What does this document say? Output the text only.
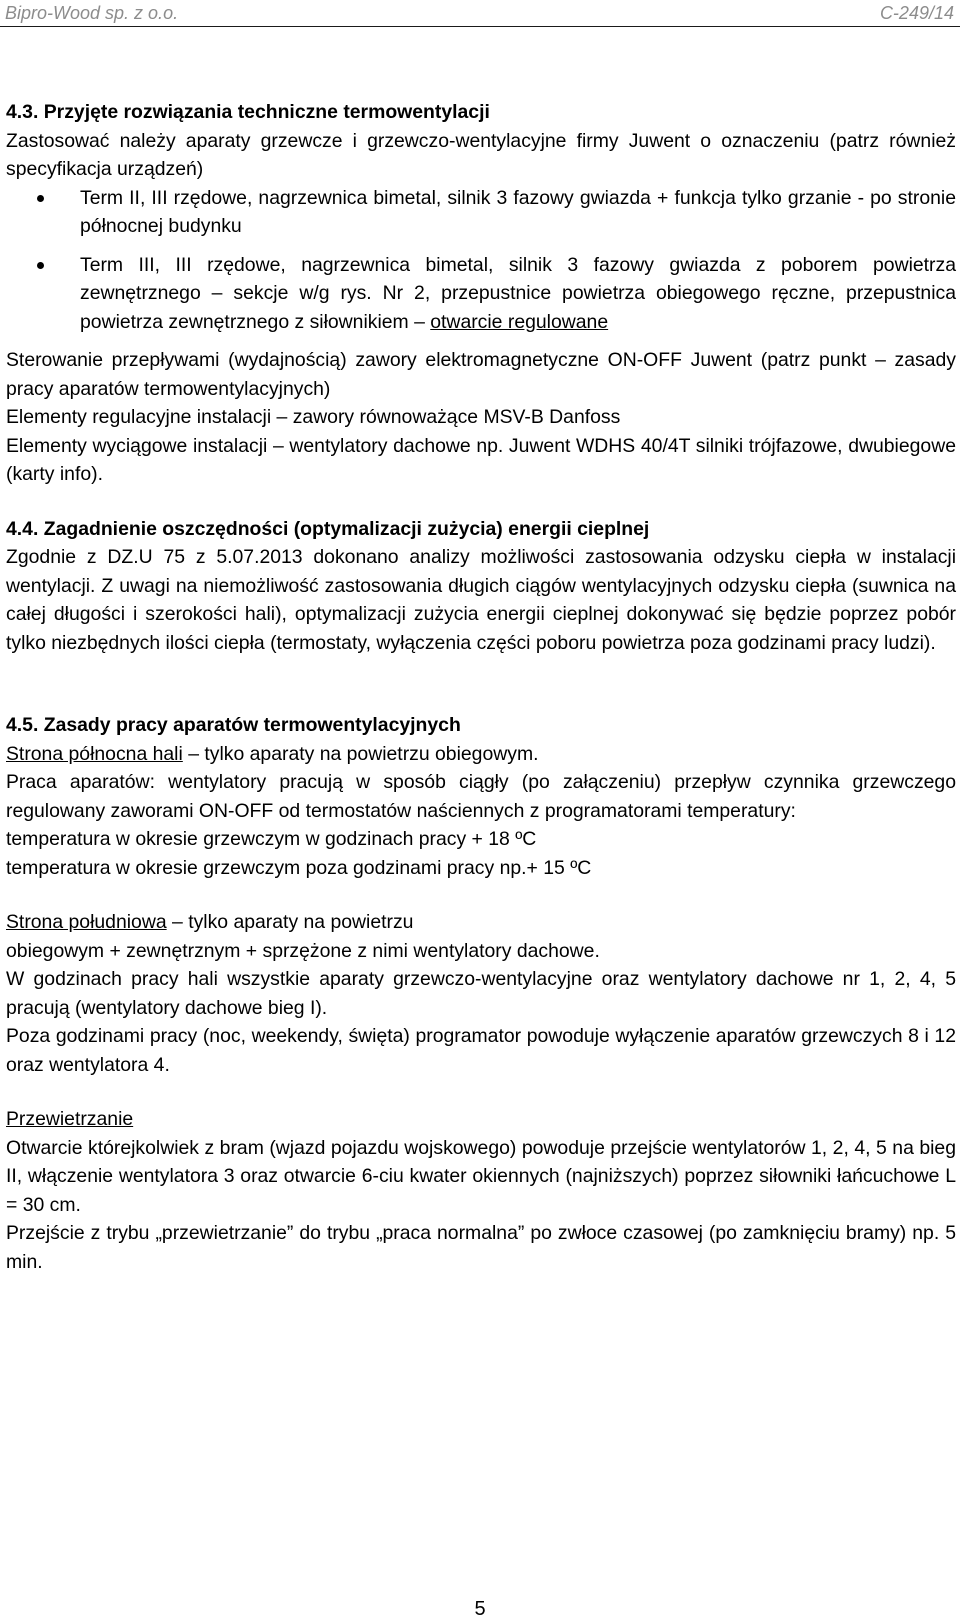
Bipro-Wood sp. z o.o.	C-249/14

4.3. Przyjęte rozwiązania techniczne termowentylacji

Zastosować należy aparaty grzewcze i grzewczo-wentylacyjne firmy Juwent o oznaczeniu (patrz również specyfikacja urządzeń)

Term II, III rzędowe, nagrzewnica bimetal, silnik 3 fazowy gwiazda + funkcja tylko grzanie - po stronie północnej budynku
Term III, III rzędowe, nagrzewnica bimetal, silnik 3 fazowy gwiazda z poborem powietrza zewnętrznego – sekcje w/g rys. Nr 2, przepustnice powietrza obiegowego ręczne, przepustnica powietrza zewnętrznego z siłownikiem – otwarcie regulowane

Sterowanie przepływami (wydajnością) zawory elektromagnetyczne ON-OFF Juwent (patrz punkt – zasady pracy aparatów termowentylacyjnych)

Elementy regulacyjne instalacji – zawory równoważące MSV-B Danfoss

Elementy wyciągowe instalacji – wentylatory dachowe np. Juwent WDHS 40/4T silniki trójfazowe, dwubiegowe (karty info).

4.4. Zagadnienie oszczędności (optymalizacji zużycia) energii cieplnej

Zgodnie z DZ.U 75 z 5.07.2013 dokonano analizy możliwości zastosowania odzysku ciepła w instalacji wentylacji. Z uwagi na niemożliwość zastosowania długich ciągów wentylacyjnych odzysku ciepła (suwnica na całej długości i szerokości hali), optymalizacji zużycia energii cieplnej dokonywać się będzie poprzez pobór tylko niezbędnych ilości ciepła (termostaty, wyłączenia części poboru powietrza poza godzinami pracy ludzi).

4.5. Zasady pracy aparatów termowentylacyjnych

Strona północna hali – tylko aparaty na powietrzu obiegowym.

Praca aparatów: wentylatory pracują w sposób ciągły (po załączeniu) przepływ czynnika grzewczego regulowany zaworami ON-OFF od termostatów naściennych z programatorami temperatury:

temperatura w okresie grzewczym w godzinach pracy + 18 ºC

temperatura w okresie grzewczym poza godzinami pracy np.+ 15 ºC

Strona południowa – tylko aparaty na powietrzu

obiegowym + zewnętrznym + sprzężone z nimi wentylatory dachowe.

W godzinach pracy hali wszystkie aparaty grzewczo-wentylacyjne oraz wentylatory dachowe nr 1, 2, 4, 5 pracują (wentylatory dachowe bieg I).

Poza godzinami pracy (noc, weekendy, święta) programator powoduje wyłączenie aparatów grzewczych 8 i 12 oraz wentylatora 4.

Przewietrzanie

Otwarcie którejkolwiek z bram (wjazd pojazdu wojskowego) powoduje przejście wentylatorów 1, 2, 4, 5 na bieg II, włączenie wentylatora 3 oraz otwarcie 6-ciu kwater okiennych (najniższych) poprzez siłowniki łańcuchowe L = 30 cm.

Przejście z trybu „przewietrzanie” do trybu „praca normalna” po zwłoce czasowej (po zamknięciu bramy) np. 5 min.

5
